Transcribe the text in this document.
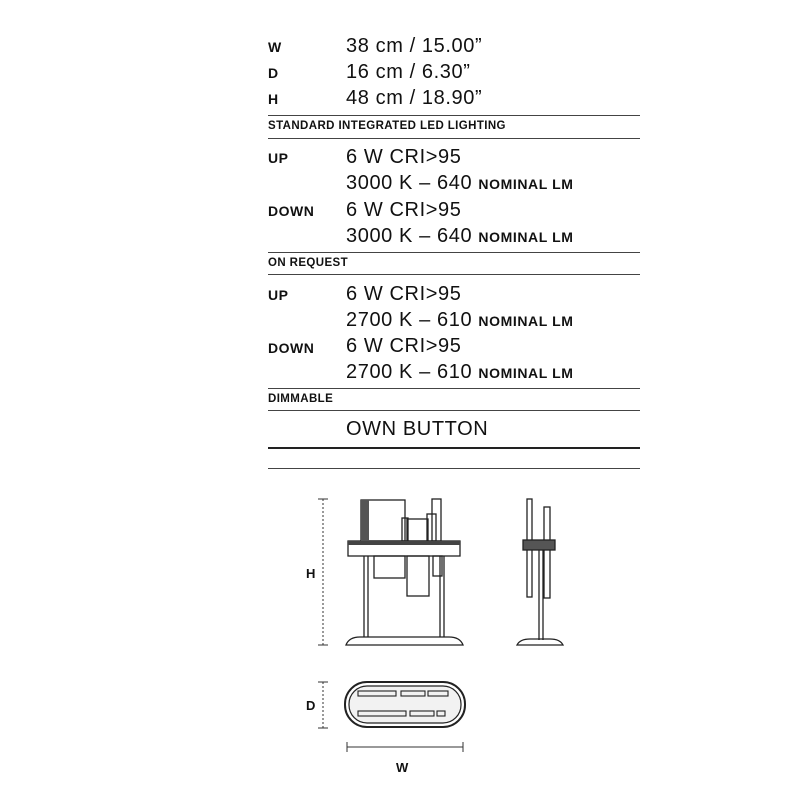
W	38 cm / 15.00”
D	16 cm / 6.30”
H	48 cm / 18.90”
STANDARD INTEGRATED LED LIGHTING
UP	6 W CRI>95
3000 K – 640 NOMINAL LM
DOWN 6 W CRI>95
3000 K – 640 NOMINAL LM
ON REQUEST
UP	6 W CRI>95
2700 K – 610 NOMINAL LM
DOWN 6 W CRI>95
2700 K – 610 NOMINAL LM
DIMMABLE
OWN BUTTON
H
D
W
